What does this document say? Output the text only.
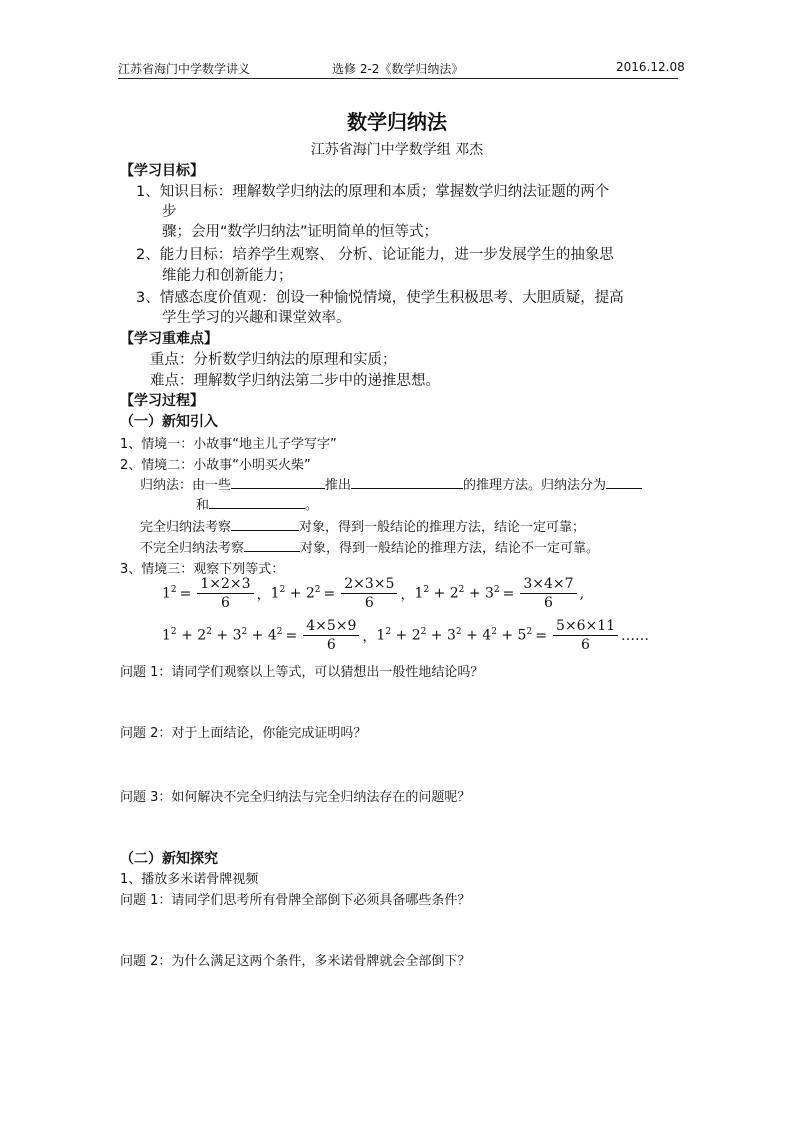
江苏省海门中学数学讲义	选修 2-2《数学归纳法》	2016.12.08
数学归纳法
江苏省海门中学数学组 邓杰
【学习目标】
1、知识目标：理解数学归纳法的原理和本质；掌握数学归纳法证题的两个
步
骤；会用“数学归纳法”证明简单的恒等式；
2、能力目标：培养学生观察、 分析、论证能力，进一步发展学生的抽象思
维能力和创新能力；
3、情感态度价值观：创设一种愉悦情境，使学生积极思考、大胆质疑，提高
学生学习的兴趣和课堂效率。
【学习重难点】
重点：分析数学归纳法的原理和实质；
难点：理解数学归纳法第二步中的递推思想。
【学习过程】
（一）新知引入
1、情境一：小故事“地主儿子学写字”
2、情境二：小故事“小明买火柴”
归纳法：由一些	推出	的推理方法。归纳法分为
和	。
完全归纳法考察	对象，得到一般结论的推理方法，结论一定可靠；
不完全归纳法考察	对象，得到一般结论的推理方法，结论不一定可靠。
3、情境三：观察下列等式：
$1^2 = \frac{1\times 2\times 3}{6}$ ， $1^2 + 2^2 = \frac{2\times 3\times 5}{6}$ ， $1^2 + 2^2 + 3^2 = \frac{3\times 4\times 7}{6}$ ,
$1^2 + 2^2 + 3^2 + 4^2 = \frac{4\times 5\times 9}{6}$ ， $1^2 + 2^2 + 3^2 + 4^2 + 5^2 = \frac{5\times 6\times 11}{6}$ ……
问题 1：请同学们观察以上等式，可以猜想出一般性地结论吗？
问题 2：对于上面结论，你能完成证明吗？
问题 3：如何解决不完全归纳法与完全归纳法存在的问题呢？
（二）新知探究
1、播放多米诺骨牌视频
问题 1：请同学们思考所有骨牌全部倒下必须具备哪些条件？
问题 2：为什么满足这两个条件，多米诺骨牌就会全部倒下？
